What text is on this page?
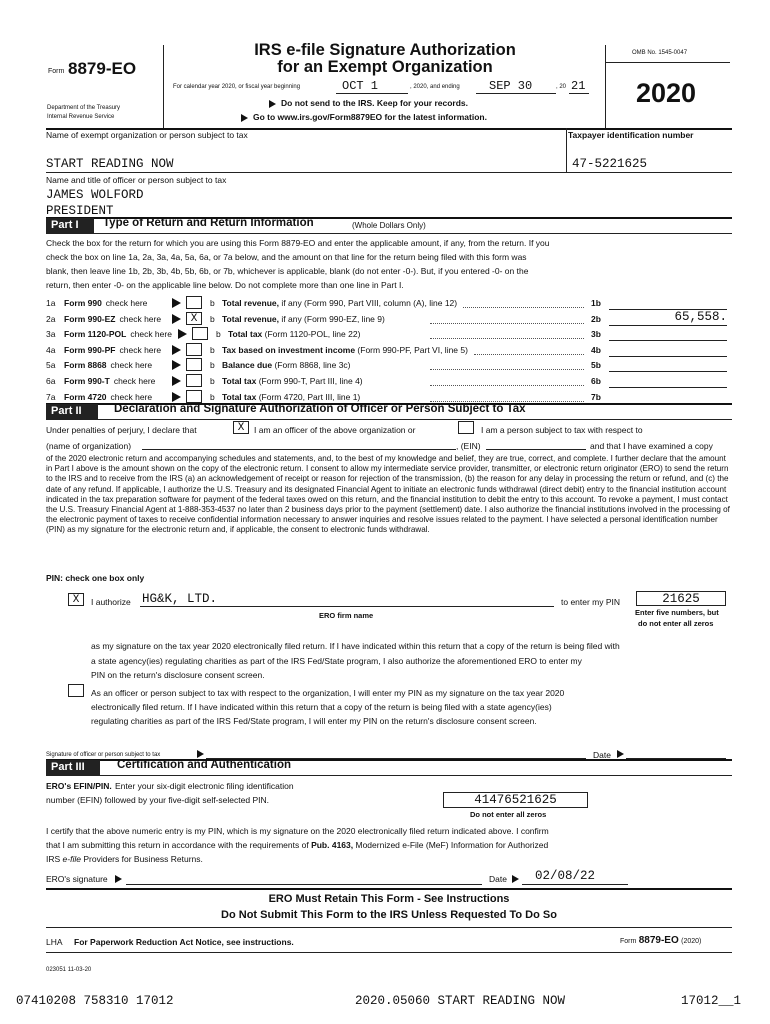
Form 8879-EO
Department of the Treasury
Internal Revenue Service
IRS e-file Signature Authorization
for an Exempt Organization
For calendar year 2020, or fiscal year beginning	OCT 1	, 2020, and ending SEP 30	, 20 21
Do not send to the IRS. Keep for your records.
Go to www.irs.gov/Form8879EO for the latest information.
OMB No. 1545-0047
2020
Name of exempt organization or person subject to tax
START READING NOW
Taxpayer identification number
47-5221625
Name and title of officer or person subject to tax
JAMES WOLFORD
PRESIDENT
Part I	Type of Return and Return Information	(Whole Dollars Only)
Check the box for the return for which you are using this Form 8879-EO and enter the applicable amount, if any, from the return. If you
check the box on line 1a, 2a, 3a, 4a, 5a, 6a, or 7a below, and the amount on that line for the return being filed with this form was
blank, then leave line 1b, 2b, 3b, 4b, 5b, 6b, or 7b, whichever is applicable, blank (do not enter -0-). But, if you entered -0- on the
return, then enter -0- on the applicable line below. Do not complete more than one line in Part I.
1a Form 990 check here	b Total revenue, if any (Form 990, Part VIII, column (A), line 12)	1b
2a Form 990-EZ check here	X	b Total revenue, if any (Form 990-EZ, line 9)	2b	65,558.
3a Form 1120-POL check here	b Total tax (Form 1120-POL, line 22)	3b
4a Form 990-PF check here	b Tax based on investment income (Form 990-PF, Part VI, line 5)	4b
5a Form 8868 check here	b Balance due (Form 8868, line 3c)	5b
6a Form 990-T check here	b Total tax (Form 990-T, Part III, line 4)	6b
7a Form 4720 check here	b Total tax (Form 4720, Part III, line 1)	7b
Part II	Declaration and Signature Authorization of Officer or Person Subject to Tax
Under penalties of perjury, I declare that	X	I am an officer of the above organization or	I am a person subject to tax with respect to
(name of organization)	, (EIN)	and that I have examined a copy
of the 2020 electronic return and accompanying schedules and statements, and, to the best of my knowledge and belief, they are true, correct, and complete. I further declare that the amount in Part I above is the amount shown on the copy of the electronic return. I consent to allow my intermediate service provider, transmitter, or electronic return originator (ERO) to send the return to the IRS and to receive from the IRS (a) an acknowledgement of receipt or reason for rejection of the transmission, (b) the reason for any delay in processing the return or refund, and (c) the date of any refund. If applicable, I authorize the U.S. Treasury and its designated Financial Agent to initiate an electronic funds withdrawal (direct debit) entry to the financial institution account indicated in the tax preparation software for payment of the federal taxes owed on this return, and the financial institution to debit the entry to this account. To revoke a payment, I must contact the U.S. Treasury Financial Agent at 1-888-353-4537 no later than 2 business days prior to the payment (settlement) date. I also authorize the financial institutions involved in the processing of the electronic payment of taxes to receive confidential information necessary to answer inquiries and resolve issues related to the payment. I have selected a personal identification number (PIN) as my signature for the electronic return and, if applicable, the consent to electronic funds withdrawal.
PIN: check one box only
X	I authorize HG&K, LTD.	to enter my PIN	21625
ERO firm name	Enter five numbers, but
do not enter all zeros
as my signature on the tax year 2020 electronically filed return. If I have indicated within this return that a copy of the return is being filed with
a state agency(ies) regulating charities as part of the IRS Fed/State program, I also authorize the aforementioned ERO to enter my
PIN on the return's disclosure consent screen.
As an officer or person subject to tax with respect to the organization, I will enter my PIN as my signature on the tax year 2020
electronically filed return. If I have indicated within this return that a copy of the return is being filed with a state agency(ies)
regulating charities as part of the IRS Fed/State program, I will enter my PIN on the return's disclosure consent screen.
Signature of officer or person subject to tax	Date
Part III	Certification and Authentication
ERO's EFIN/PIN. Enter your six-digit electronic filing identification
number (EFIN) followed by your five-digit self-selected PIN.	41476521625
Do not enter all zeros
I certify that the above numeric entry is my PIN, which is my signature on the 2020 electronically filed return indicated above. I confirm
that I am submitting this return in accordance with the requirements of Pub. 4163, Modernized e-File (MeF) Information for Authorized
IRS e-file Providers for Business Returns.
ERO's signature	Date 02/08/22
ERO Must Retain This Form - See Instructions
Do Not Submit This Form to the IRS Unless Requested To Do So
LHA For Paperwork Reduction Act Notice, see instructions.	Form 8879-EO (2020)
023051 11-03-20
07410208 758310 17012	2020.05060 START READING NOW	17012__1
